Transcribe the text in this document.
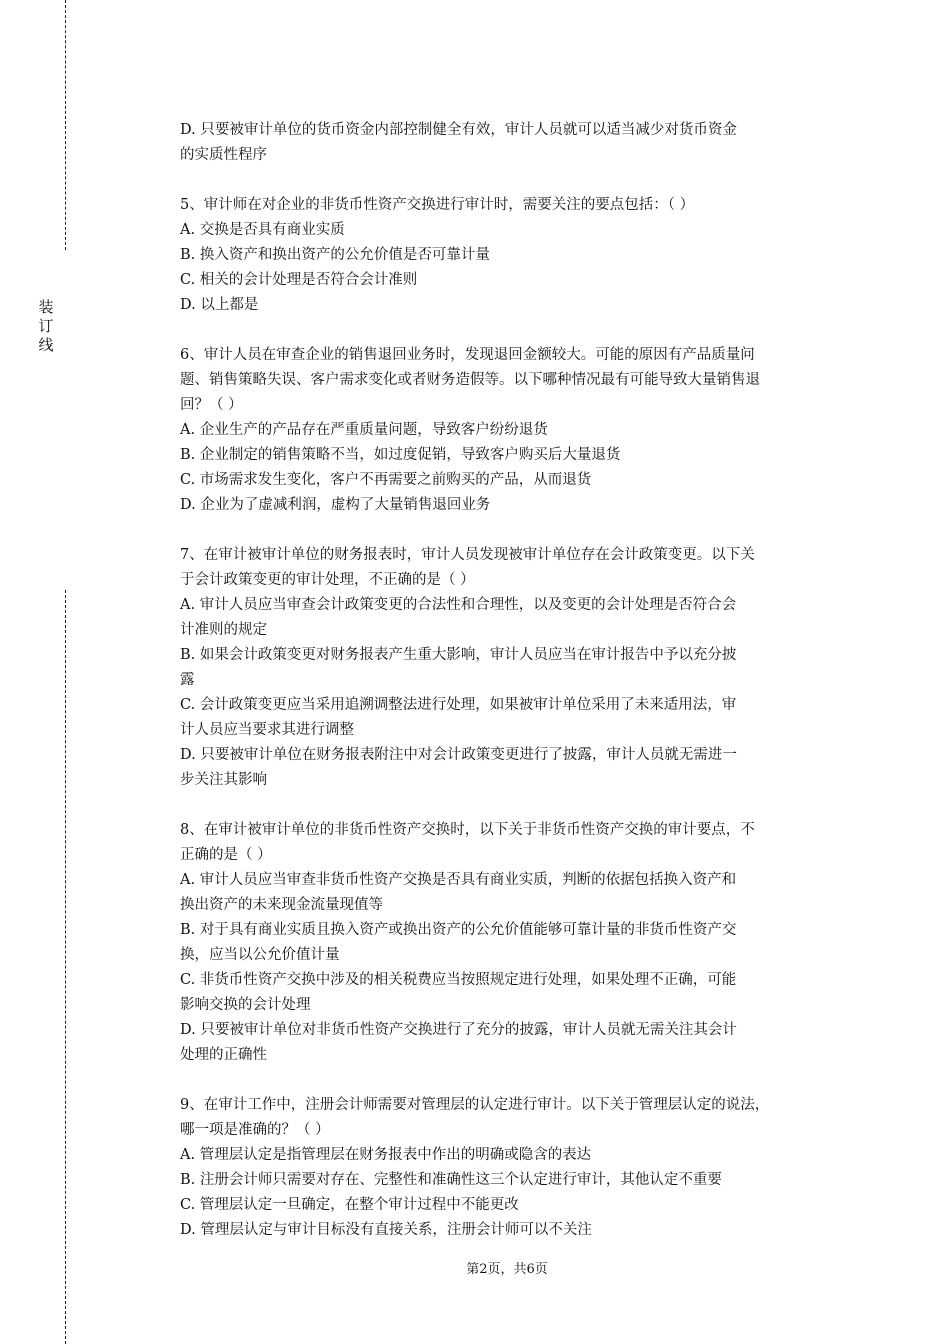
装
订
线
D. 只要被审计单位的货币资金内部控制健全有效，审计人员就可以适当减少对货币资金
的实质性程序
5、审计师在对企业的非货币性资产交换进行审计时，需要关注的要点包括：（ ）
A. 交换是否具有商业实质
B. 换入资产和换出资产的公允价值是否可靠计量
C. 相关的会计处理是否符合会计准则
D. 以上都是
6、审计人员在审查企业的销售退回业务时，发现退回金额较大。可能的原因有产品质量问
题、销售策略失误、客户需求变化或者财务造假等。以下哪种情况最有可能导致大量销售退
回？（ ）
A. 企业生产的产品存在严重质量问题，导致客户纷纷退货
B. 企业制定的销售策略不当，如过度促销，导致客户购买后大量退货
C. 市场需求发生变化，客户不再需要之前购买的产品，从而退货
D. 企业为了虚减利润，虚构了大量销售退回业务
7、在审计被审计单位的财务报表时，审计人员发现被审计单位存在会计政策变更。以下关
于会计政策变更的审计处理，不正确的是（ ）
A. 审计人员应当审查会计政策变更的合法性和合理性，以及变更的会计处理是否符合会
计准则的规定
B. 如果会计政策变更对财务报表产生重大影响，审计人员应当在审计报告中予以充分披
露
C. 会计政策变更应当采用追溯调整法进行处理，如果被审计单位采用了未来适用法，审
计人员应当要求其进行调整
D. 只要被审计单位在财务报表附注中对会计政策变更进行了披露，审计人员就无需进一
步关注其影响
8、在审计被审计单位的非货币性资产交换时，以下关于非货币性资产交换的审计要点，不
正确的是（ ）
A. 审计人员应当审查非货币性资产交换是否具有商业实质，判断的依据包括换入资产和
换出资产的未来现金流量现值等
B. 对于具有商业实质且换入资产或换出资产的公允价值能够可靠计量的非货币性资产交
换，应当以公允价值计量
C. 非货币性资产交换中涉及的相关税费应当按照规定进行处理，如果处理不正确，可能
影响交换的会计处理
D. 只要被审计单位对非货币性资产交换进行了充分的披露，审计人员就无需关注其会计
处理的正确性
9、在审计工作中，注册会计师需要对管理层的认定进行审计。以下关于管理层认定的说法，
哪一项是准确的？（ ）
A. 管理层认定是指管理层在财务报表中作出的明确或隐含的表达
B. 注册会计师只需要对存在、完整性和准确性这三个认定进行审计，其他认定不重要
C. 管理层认定一旦确定，在整个审计过程中不能更改
D. 管理层认定与审计目标没有直接关系，注册会计师可以不关注
第2页，共6页
